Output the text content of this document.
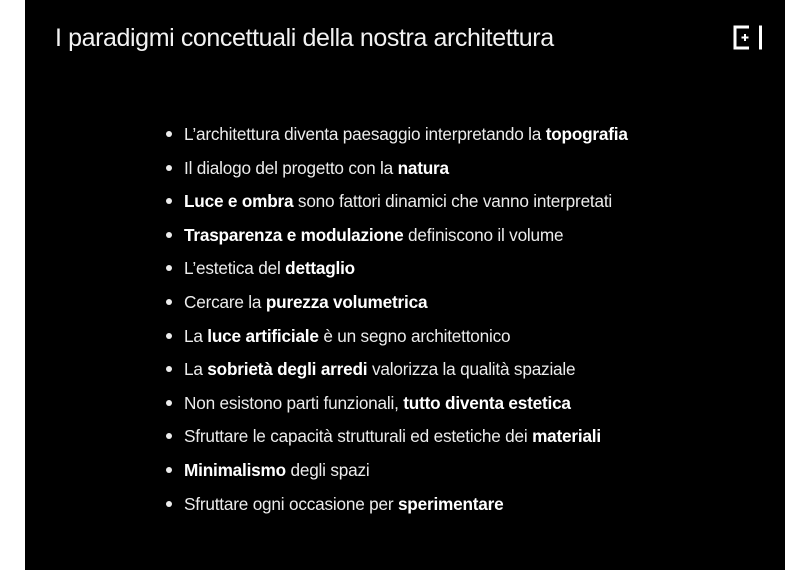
I paradigmi concettuali della nostra architettura
L’architettura diventa paesaggio interpretando la topografia
Il dialogo del progetto con la natura
Luce e ombra sono fattori dinamici che vanno interpretati
Trasparenza e modulazione definiscono il volume
L’estetica del dettaglio
Cercare la purezza volumetrica
La luce artificiale è un segno architettonico
La sobrietà degli arredi valorizza la qualità spaziale
Non esistono parti funzionali, tutto diventa estetica
Sfruttare le capacità strutturali ed estetiche dei materiali
Minimalismo degli spazi
Sfruttare ogni occasione per sperimentare
